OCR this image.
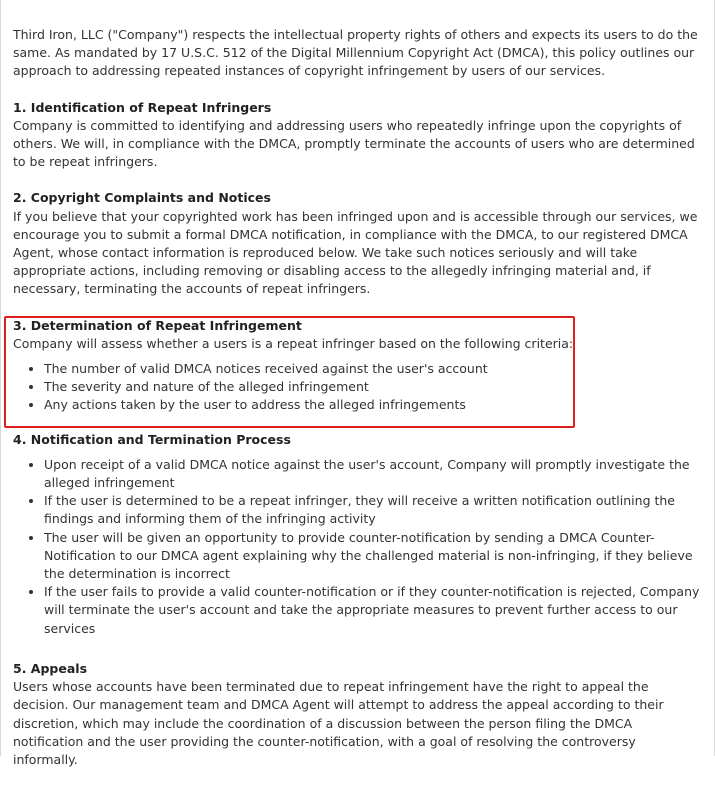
Third Iron, LLC ("Company") respects the intellectual property rights of others and expects its users to do the same. As mandated by 17 U.S.C. 512 of the Digital Millennium Copyright Act (DMCA), this policy outlines our approach to addressing repeated instances of copyright infringement by users of our services.

1. Identification of Repeat Infringers

Company is committed to identifying and addressing users who repeatedly infringe upon the copyrights of others. We will, in compliance with the DMCA, promptly terminate the accounts of users who are determined to be repeat infringers.

2. Copyright Complaints and Notices

If you believe that your copyrighted work has been infringed upon and is accessible through our services, we encourage you to submit a formal DMCA notification, in compliance with the DMCA, to our registered DMCA Agent, whose contact information is reproduced below. We take such notices seriously and will take appropriate actions, including removing or disabling access to the allegedly infringing material and, if necessary, terminating the accounts of repeat infringers.

3. Determination of Repeat Infringement

Company will assess whether a users is a repeat infringer based on the following criteria:

• The number of valid DMCA notices received against the user's account
• The severity and nature of the alleged infringement
• Any actions taken by the user to address the alleged infringements

4. Notification and Termination Process

• Upon receipt of a valid DMCA notice against the user's account, Company will promptly investigate the alleged infringement
• If the user is determined to be a repeat infringer, they will receive a written notification outlining the findings and informing them of the infringing activity
• The user will be given an opportunity to provide counter-notification by sending a DMCA Counter-Notification to our DMCA agent explaining why the challenged material is non-infringing, if they believe the determination is incorrect
• If the user fails to provide a valid counter-notification or if they counter-notification is rejected, Company will terminate the user's account and take the appropriate measures to prevent further access to our services

5. Appeals

Users whose accounts have been terminated due to repeat infringement have the right to appeal the decision. Our management team and DMCA Agent will attempt to address the appeal according to their discretion, which may include the coordination of a discussion between the person filing the DMCA notification and the user providing the counter-notification, with a goal of resolving the controversy informally.
